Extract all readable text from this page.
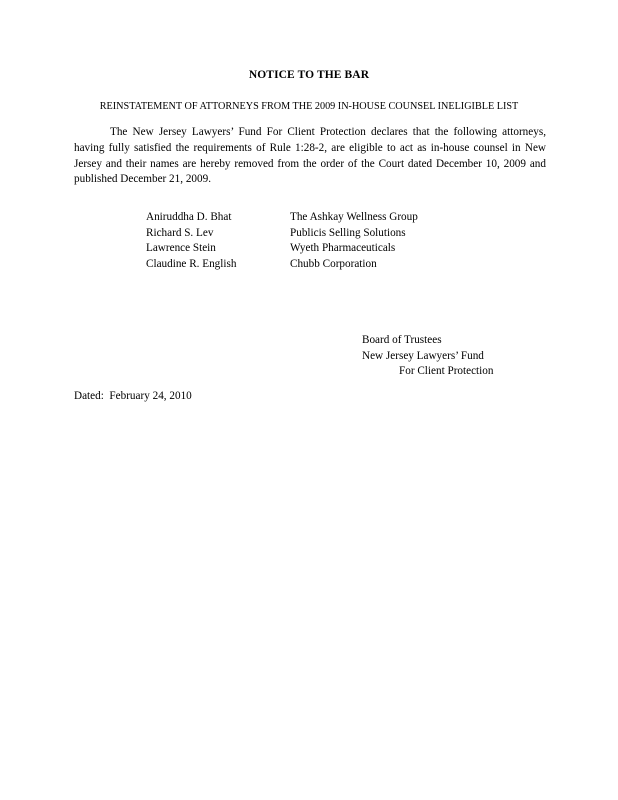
NOTICE TO THE BAR
REINSTATEMENT OF ATTORNEYS FROM THE 2009 IN-HOUSE COUNSEL INELIGIBLE LIST

The New Jersey Lawyers’ Fund For Client Protection declares that the following attorneys, having fully satisfied the requirements of Rule 1:28-2, are eligible to act as in-house counsel in New Jersey and their names are hereby removed from the order of the Court dated December 10, 2009 and published December 21, 2009.

Aniruddha D. Bhat	The Ashkay Wellness Group
Richard S. Lev	Publicis Selling Solutions
Lawrence Stein	Wyeth Pharmaceuticals
Claudine R. English	Chubb Corporation
Board of Trustees
New Jersey Lawyers’ Fund
For Client Protection
Dated:  February 24, 2010
